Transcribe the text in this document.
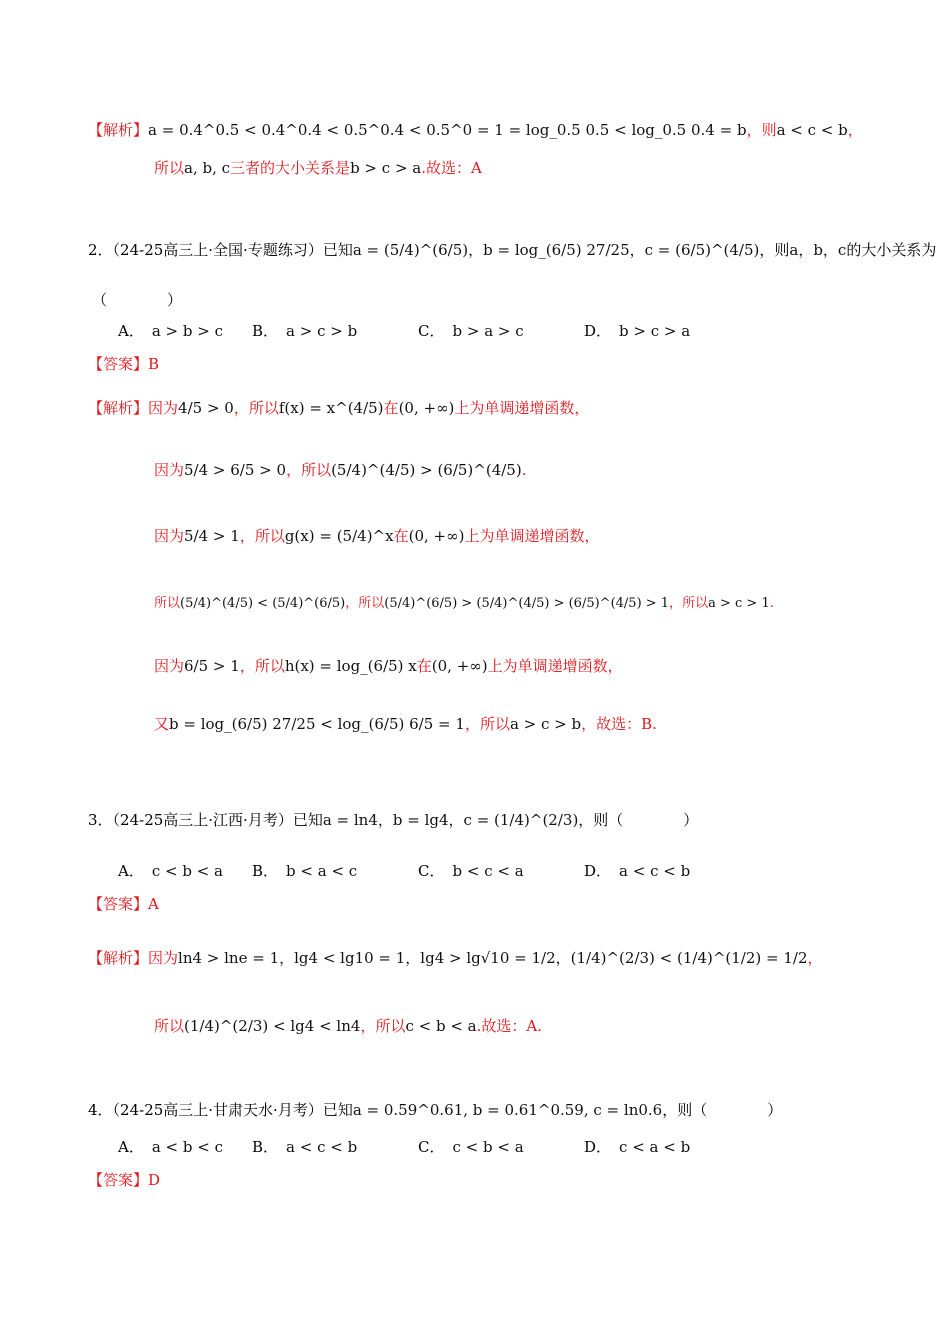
【解析】a = 0.4^0.5 < 0.4^0.4 < 0.5^0.4 < 0.5^0 = 1 = log_0.5 0.5 < log_0.5 0.4 = b，则a < c < b，
所以a, b, c三者的大小关系是b > c > a.故选：A
2．（24-25高三上·全国·专题练习）已知a = (5/4)^(6/5)，b = log_(6/5) 27/25，c = (6/5)^(4/5)，则a，b，c的大小关系为
（　　　　）
A． a > b > c B． a > c > b	C． b > a > c	D． b > c > a
【答案】B
【解析】因为4/5 > 0，所以f(x) = x^(4/5)在(0, +∞)上为单调递增函数，
因为5/4 > 6/5 > 0，所以(5/4)^(4/5) > (6/5)^(4/5).
因为5/4 > 1，所以g(x) = (5/4)^x在(0, +∞)上为单调递增函数，
所以(5/4)^(4/5) < (5/4)^(6/5)，所以(5/4)^(6/5) > (5/4)^(4/5) > (6/5)^(4/5) > 1，所以a > c > 1.
因为6/5 > 1，所以h(x) = log_(6/5) x在(0, +∞)上为单调递增函数，
又b = log_(6/5) 27/25 < log_(6/5) 6/5 = 1，所以a > c > b，故选：B.
3．（24-25高三上·江西·月考）已知a = ln4，b = lg4，c = (1/4)^(2/3)，则（　　　　）
A． c < b < a B． b < a < c	C． b < c < a	D． a < c < b
【答案】A
【解析】因为ln4 > lne = 1，lg4 < lg10 = 1，lg4 > lg√10 = 1/2，(1/4)^(2/3) < (1/4)^(1/2) = 1/2，
所以(1/4)^(2/3) < lg4 < ln4，所以c < b < a.故选：A.
4．（24-25高三上·甘肃天水·月考）已知a = 0.59^0.61, b = 0.61^0.59, c = ln0.6，则（　　　　）
A． a < b < c B． a < c < b	C． c < b < a	D． c < a < b
【答案】D
